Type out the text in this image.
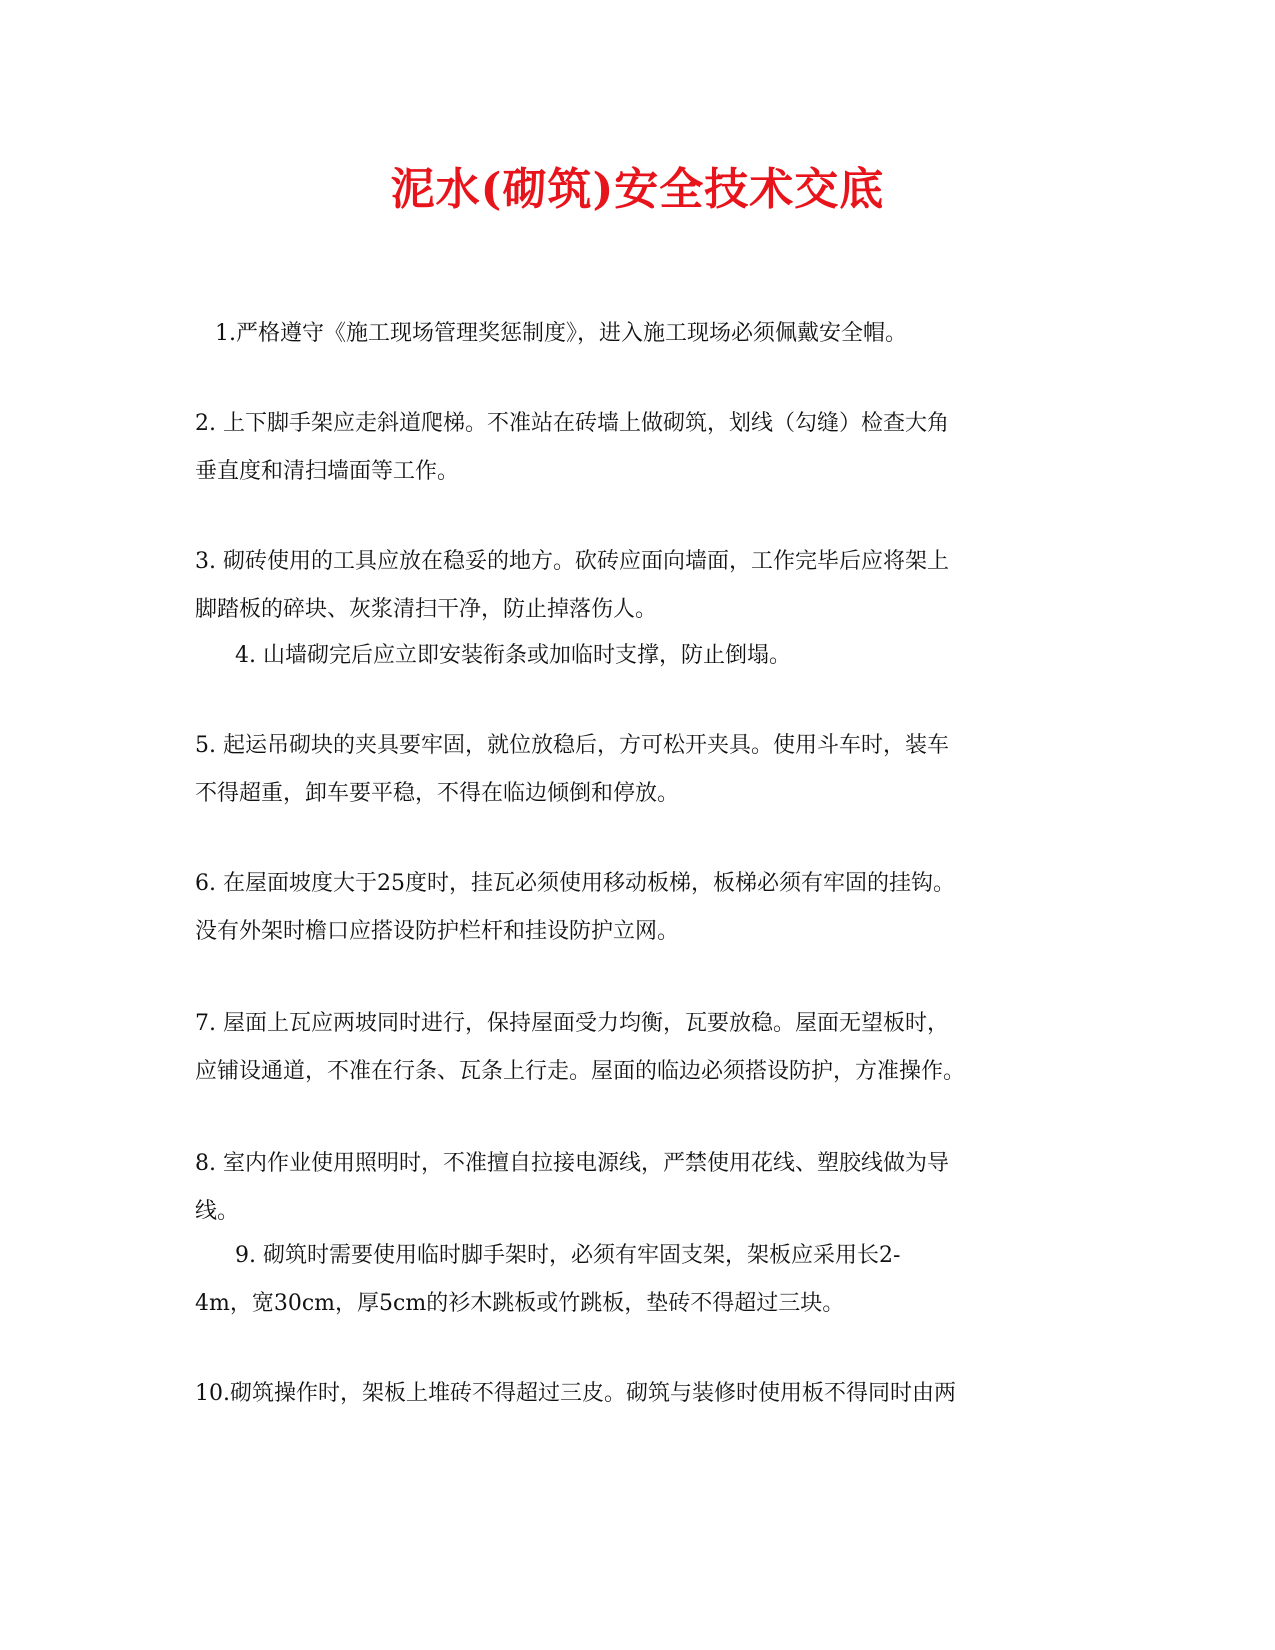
泥水(砌筑)安全技术交底
1.严格遵守《施工现场管理奖惩制度》，进入施工现场必须佩戴安全帽。
2. 上下脚手架应走斜道爬梯。不准站在砖墙上做砌筑，划线（勾缝）检查大角
垂直度和清扫墙面等工作。
3. 砌砖使用的工具应放在稳妥的地方。砍砖应面向墙面，工作完毕后应将架上
脚踏板的碎块、灰浆清扫干净，防止掉落伤人。
4. 山墙砌完后应立即安装衔条或加临时支撑，防止倒塌。
5. 起运吊砌块的夹具要牢固，就位放稳后，方可松开夹具。使用斗车时，装车
不得超重，卸车要平稳，不得在临边倾倒和停放。
6. 在屋面坡度大于25度时，挂瓦必须使用移动板梯，板梯必须有牢固的挂钩。
没有外架时檐口应搭设防护栏杆和挂设防护立网。
7. 屋面上瓦应两坡同时进行，保持屋面受力均衡，瓦要放稳。屋面无望板时，
应铺设通道，不准在行条、瓦条上行走。屋面的临边必须搭设防护，方准操作。
8. 室内作业使用照明时，不准擅自拉接电源线，严禁使用花线、塑胶线做为导
线。
9. 砌筑时需要使用临时脚手架时，必须有牢固支架，架板应采用长2-
4m，宽30cm，厚5cm的衫木跳板或竹跳板，垫砖不得超过三块。
10.砌筑操作时，架板上堆砖不得超过三皮。砌筑与装修时使用板不得同时由两
